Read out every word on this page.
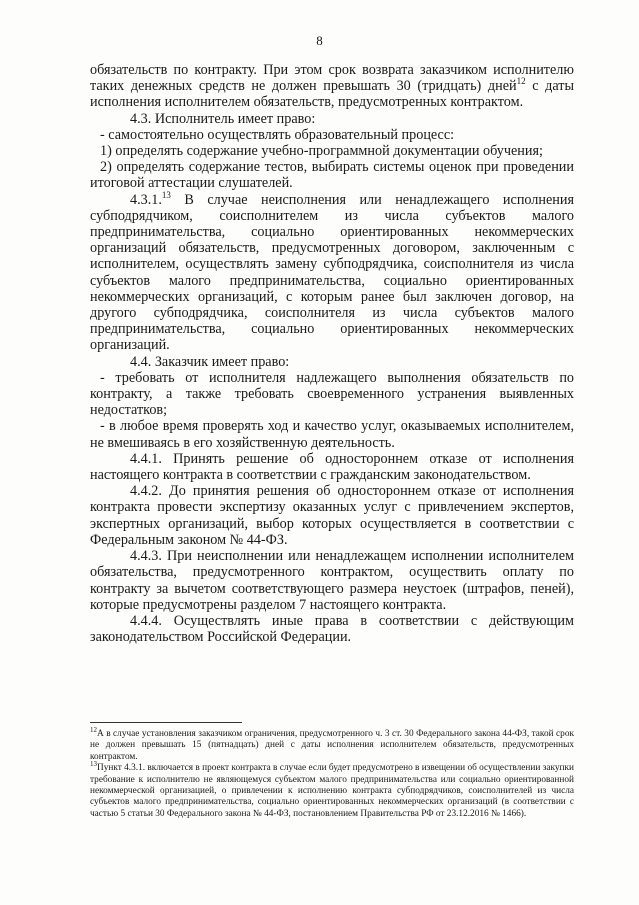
8

обязательств по контракту. При этом срок возврата заказчиком исполнителю таких денежных средств не должен превышать 30 (тридцать) дней$^{12}$ с даты исполнения исполнителем обязательств, предусмотренных контрактом.

4.3. Исполнитель имеет право:

- самостоятельно осуществлять образовательный процесс:

1) определять содержание учебно-программной документации обучения;

2) определять содержание тестов, выбирать системы оценок при проведении итоговой аттестации слушателей.

4.3.1.13 В случае неисполнения или ненадлежащего исполнения субподрядчиком, соисполнителем из числа субъектов малого предпринимательства, социально ориентированных некоммерческих организаций обязательств, предусмотренных договором, заключенным с исполнителем, осуществлять замену субподрядчика, соисполнителя из числа субъектов малого предпринимательства, социально ориентированных некоммерческих организаций, с которым ранее был заключен договор, на другого субподрядчика, соисполнителя из числа субъектов малого предпринимательства, социально ориентированных некоммерческих организаций.

4.4. Заказчик имеет право:

- требовать от исполнителя надлежащего выполнения обязательств по контракту, а также требовать своевременного устранения выявленных недостатков;

- в любое время проверять ход и качество услуг, оказываемых исполнителем, не вмешиваясь в его хозяйственную деятельность.

4.4.1. Принять решение об одностороннем отказе от исполнения настоящего контракта в соответствии с гражданским законодательством.

4.4.2. До принятия решения об одностороннем отказе от исполнения контракта провести экспертизу оказанных услуг с привлечением экспертов, экспертных организаций, выбор которых осуществляется в соответствии с Федеральным законом № 44-ФЗ.

4.4.3. При неисполнении или ненадлежащем исполнении исполнителем обязательства, предусмотренного контрактом, осуществить оплату по контракту за вычетом соответствующего размера неустоек (штрафов, пеней), которые предусмотрены разделом 7 настоящего контракта.

4.4.4. Осуществлять иные права в соответствии с действующим законодательством Российской Федерации.

$^{12}$А в случае установления заказчиком ограничения, предусмотренного ч. 3 ст. 30 Федерального закона 44-ФЗ, такой срок не должен превышать 15 (пятнадцать) дней с даты исполнения исполнителем обязательств, предусмотренных контрактом.

$^{13}$Пункт 4.3.1. включается в проект контракта в случае если будет предусмотрено в извещении об осуществлении закупки требование к исполнителю не являющемуся субъектом малого предпринимательства или социально ориентированной некоммерческой организацией, о привлечении к исполнению контракта субподрядчиков, соисполнителей из числа субъектов малого предпринимательства, социально ориентированных некоммерческих организаций (в соответствии с частью 5 статьи 30 Федерального закона № 44-ФЗ, постановлением Правительства РФ от 23.12.2016 № 1466).
